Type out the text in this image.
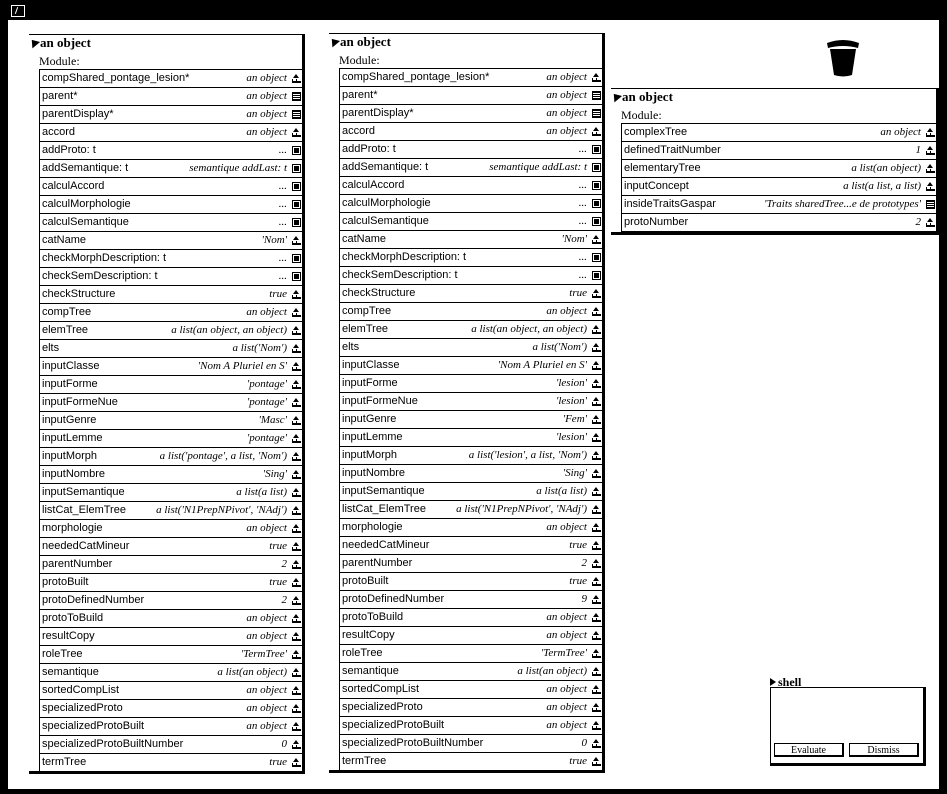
an object
Module:
compShared_pontage_lesion*	an object
parent*	an object
parentDisplay*	an object
accord	an object
addProto: t	...
addSemantique: t	semantique addLast: t
calculAccord	...
calculMorphologie	...
calculSemantique	...
catName	'Nom'
checkMorphDescription: t	...
checkSemDescription: t	...
checkStructure	true
compTree	an object
elemTree	a list(an object, an object)
elts	a list('Nom')
inputClasse	'Nom A Pluriel en S'
inputForme	'pontage'
inputFormeNue	'pontage'
inputGenre	'Masc'
inputLemme	'pontage'
inputMorph	a list('pontage', a list, 'Nom')
inputNombre	'Sing'
inputSemantique	a list(a list)
listCat_ElemTree	a list('N1PrepNPivot', 'NAdj')
morphologie	an object
neededCatMineur	true
parentNumber	2
protoBuilt	true
protoDefinedNumber	2
protoToBuild	an object
resultCopy	an object
roleTree	'TermTree'
semantique	a list(an object)
sortedCompList	an object
specializedProto	an object
specializedProtoBuilt	an object
specializedProtoBuiltNumber	0
termTree	true
an object
Module:
compShared_pontage_lesion*	an object
parent*	an object
parentDisplay*	an object
accord	an object
addProto: t	...
addSemantique: t	semantique addLast: t
calculAccord	...
calculMorphologie	...
calculSemantique	...
catName	'Nom'
checkMorphDescription: t	...
checkSemDescription: t	...
checkStructure	true
compTree	an object
elemTree	a list(an object, an object)
elts	a list('Nom')
inputClasse	'Nom A Pluriel en S'
inputForme	'lesion'
inputFormeNue	'lesion'
inputGenre	'Fem'
inputLemme	'lesion'
inputMorph	a list('lesion', a list, 'Nom')
inputNombre	'Sing'
inputSemantique	a list(a list)
listCat_ElemTree	a list('N1PrepNPivot', 'NAdj')
morphologie	an object
neededCatMineur	true
parentNumber	2
protoBuilt	true
protoDefinedNumber	9
protoToBuild	an object
resultCopy	an object
roleTree	'TermTree'
semantique	a list(an object)
sortedCompList	an object
specializedProto	an object
specializedProtoBuilt	an object
specializedProtoBuiltNumber	0
termTree	true
an object
Module:
complexTree	an object
definedTraitNumber	1
elementaryTree	a list(an object)
inputConcept	a list(a list, a list)
insideTraitsGaspar	'Traits sharedTree...e de prototypes'
protoNumber	2
shell
Evaluate	Dismiss
